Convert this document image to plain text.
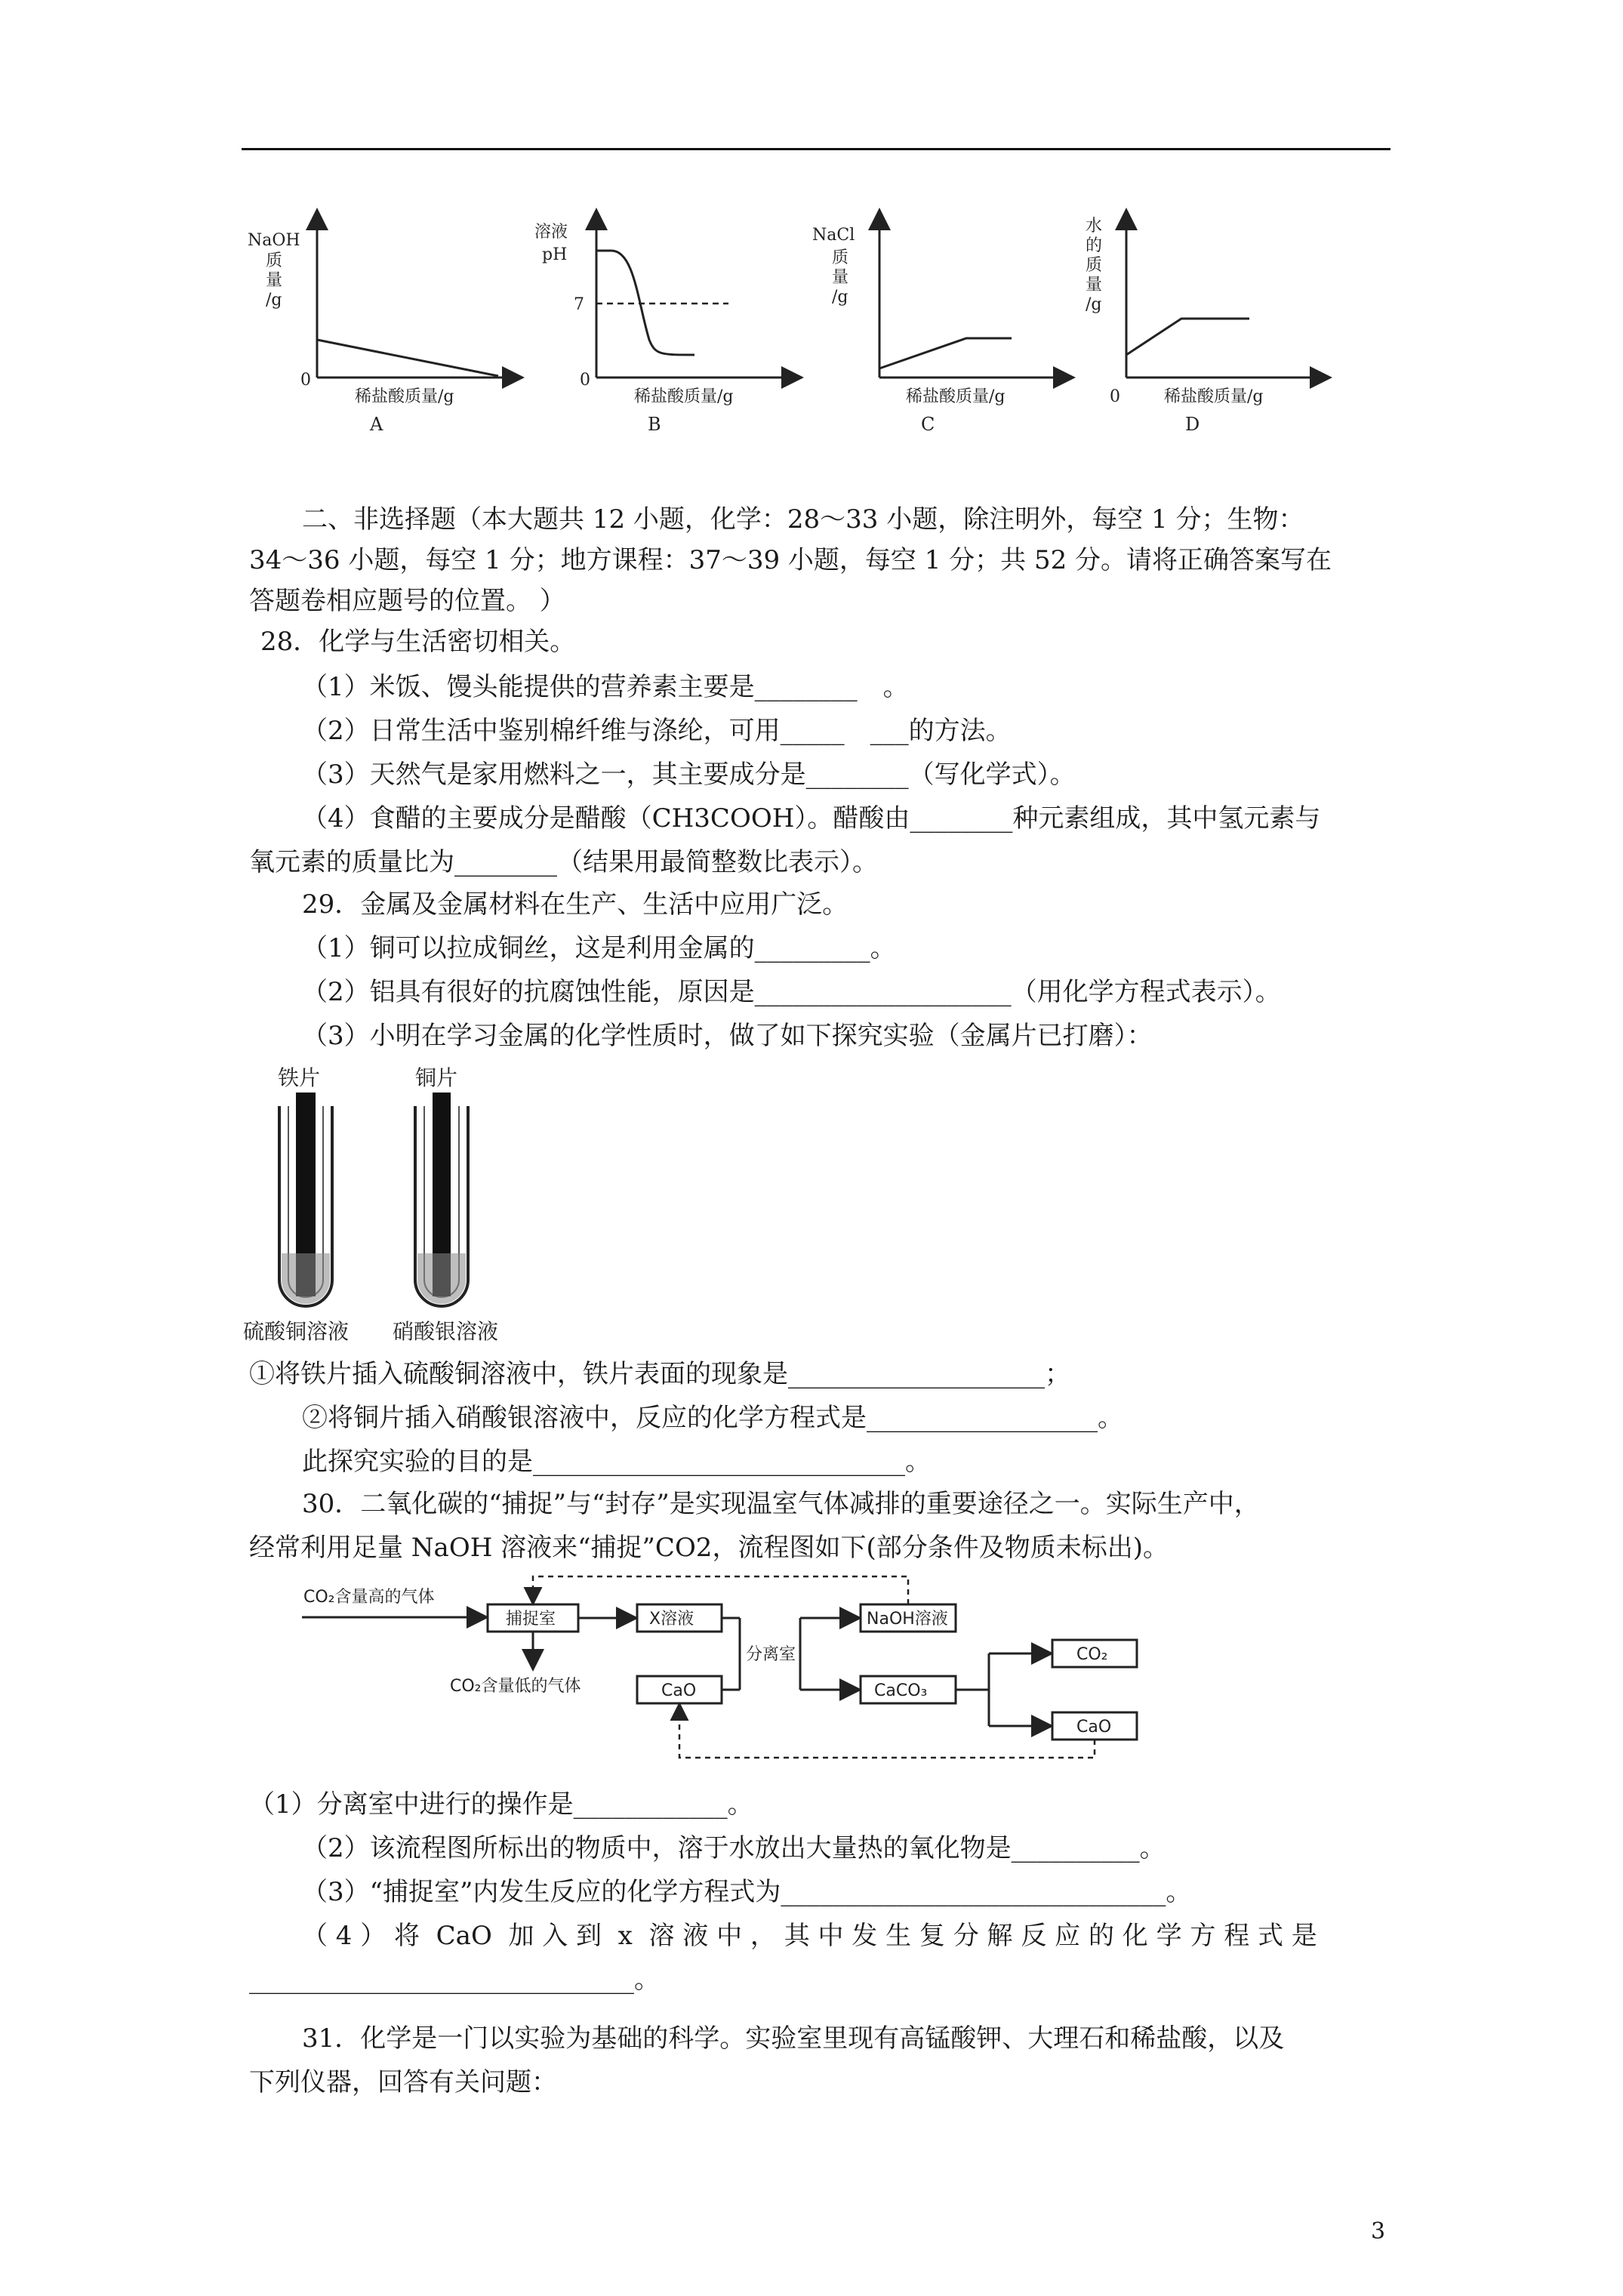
NaOH
质
量
/g
0
稀盐酸质量/g
A
溶液
pH
7
0
稀盐酸质量/g
B
NaCl
质
量
/g
稀盐酸质量/g
C
水
的
质
量
/g
0	稀盐酸质量/g
D
二、非选择题（本大题共 12 小题，化学：28～33 小题，除注明外，每空 1 分；生物：
34～36 小题，每空 1 分；地方课程：37～39 小题，每空 1 分；共 52 分。请将正确答案写在
答题卷相应题号的位置。 ）
28．化学与生活密切相关。
（1）米饭、馒头能提供的营养素主要是________　。
（2）日常生活中鉴别棉纤维与涤纶，可用_____　___的方法。
（3）天然气是家用燃料之一，其主要成分是________（写化学式）。
（4）食醋的主要成分是醋酸（CH3COOH）。醋酸由________种元素组成，其中氢元素与
氧元素的质量比为________（结果用最简整数比表示）。
29．金属及金属材料在生产、生活中应用广泛。
（1）铜可以拉成铜丝，这是利用金属的_________。
（2）铝具有很好的抗腐蚀性能，原因是____________________（用化学方程式表示）。
（3）小明在学习金属的化学性质时，做了如下探究实验（金属片已打磨）：
铁片	铜片
硫酸铜溶液 硝酸银溶液
①将铁片插入硫酸铜溶液中，铁片表面的现象是____________________；
②将铜片插入硝酸银溶液中，反应的化学方程式是__________________。
此探究实验的目的是_____________________________。
30．二氧化碳的“捕捉”与“封存”是实现温室气体减排的重要途径之一。实际生产中，
经常利用足量 NaOH 溶液来“捕捉”CO2，流程图如下(部分条件及物质未标出)。
CO₂含量高的气体
捕捉室
CO₂含量低的气体
X溶液
CaO
分离室
NaOH溶液
CaCO₃
CO₂
CaO
（1）分离室中进行的操作是____________。
（2）该流程图所标出的物质中，溶于水放出大量热的氧化物是__________。
（3）“捕捉室”内发生反应的化学方程式为______________________________。
（ 4 ） 将  CaO  加 入 到  x  溶 液 中 ， 其 中 发 生 复 分 解 反 应 的 化 学 方 程 式 是
______________________________。
31．化学是一门以实验为基础的科学。实验室里现有高锰酸钾、大理石和稀盐酸，以及
下列仪器，回答有关问题：
3
